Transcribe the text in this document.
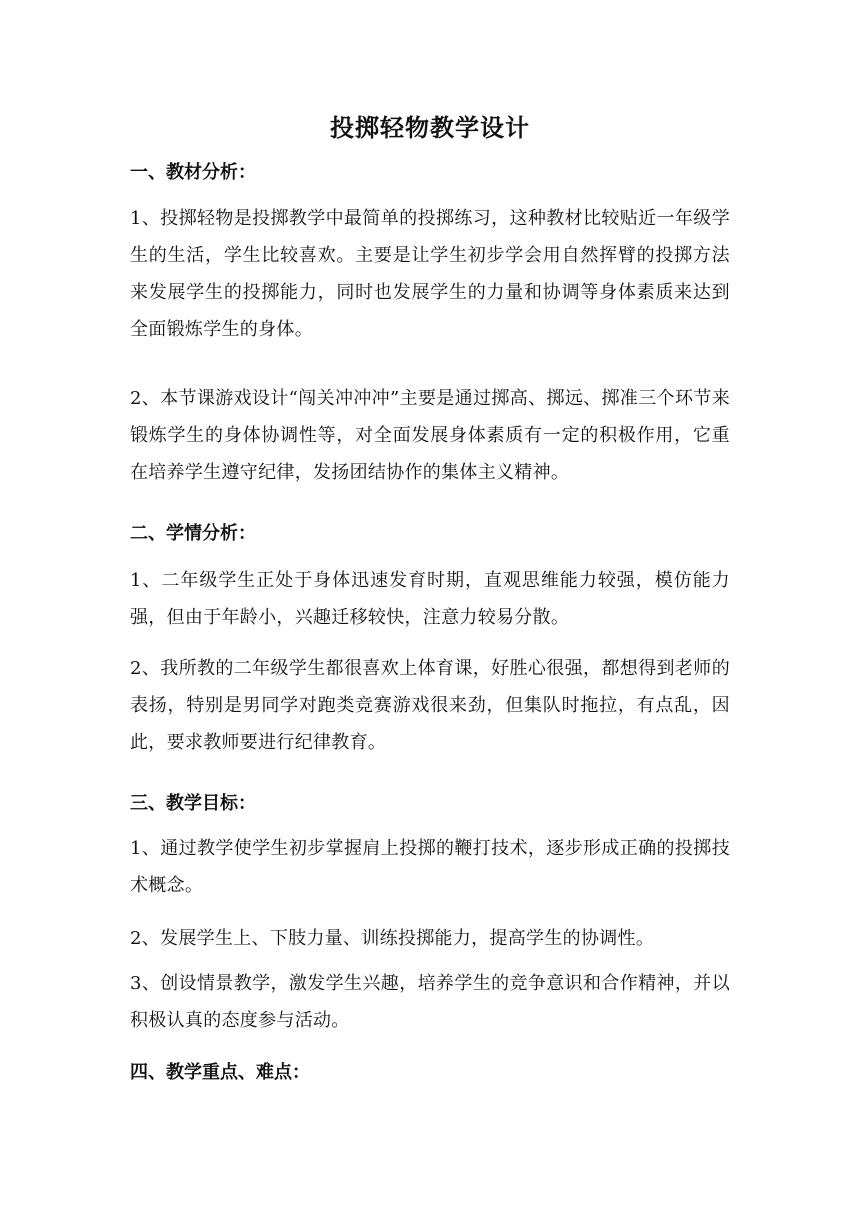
投掷轻物教学设计
一、教材分析：
1、投掷轻物是投掷教学中最简单的投掷练习，这种教材比较贴近一年级学生的生活，学生比较喜欢。主要是让学生初步学会用自然挥臂的投掷方法来发展学生的投掷能力，同时也发展学生的力量和协调等身体素质来达到全面锻炼学生的身体。
2、本节课游戏设计“闯关冲冲冲”主要是通过掷高、掷远、掷准三个环节来锻炼学生的身体协调性等，对全面发展身体素质有一定的积极作用，它重在培养学生遵守纪律，发扬团结协作的集体主义精神。
二、学情分析：
1、二年级学生正处于身体迅速发育时期，直观思维能力较强，模仿能力强，但由于年龄小，兴趣迁移较快，注意力较易分散。
2、我所教的二年级学生都很喜欢上体育课，好胜心很强，都想得到老师的表扬，特别是男同学对跑类竞赛游戏很来劲，但集队时拖拉，有点乱，因此，要求教师要进行纪律教育。
三、教学目标：
1、通过教学使学生初步掌握肩上投掷的鞭打技术，逐步形成正确的投掷技术概念。
2、发展学生上、下肢力量、训练投掷能力，提高学生的协调性。
3、创设情景教学，激发学生兴趣，培养学生的竞争意识和合作精神，并以积极认真的态度参与活动。
四、教学重点、难点：
